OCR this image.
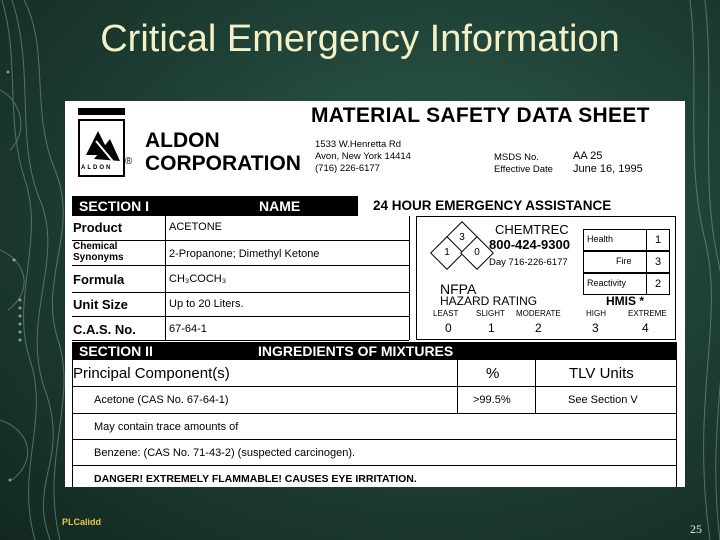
Critical Emergency Information
ALDON
®
ALDON
CORPORATION
MATERIAL SAFETY DATA SHEET
1533 W.Henretta Rd
Avon, New York 14414
(716) 226-6177
MSDS No.
Effective Date
AA 25
June 16, 1995
SECTION I	NAME	24 HOUR EMERGENCY ASSISTANCE
Product	ACETONE
Chemical Synonyms	2-Propanone; Dimethyl Ketone
Formula	CH₃COCH₃
Unit Size	Up to 20 Liters.
C.A.S. No.	67-64-1
3
1	0
CHEMTREC
800-424-9300
Day 716-226-6177
Health	1
Fire	3
Reactivity	2
NFPA
HAZARD RATING	HMIS *
LEAST SLIGHT MODERATE	HIGH	EXTREME
0	1	2	3	4
SECTION II	INGREDIENTS OF MIXTURES
Principal Component(s)	%	TLV Units
Acetone (CAS No. 67-64-1)	>99.5%	See Section V
May contain trace amounts of
Benzene: (CAS No. 71-43-2) (suspected carcinogen).
DANGER! EXTREMELY FLAMMABLE! CAUSES EYE IRRITATION.
PLCalidd	25
